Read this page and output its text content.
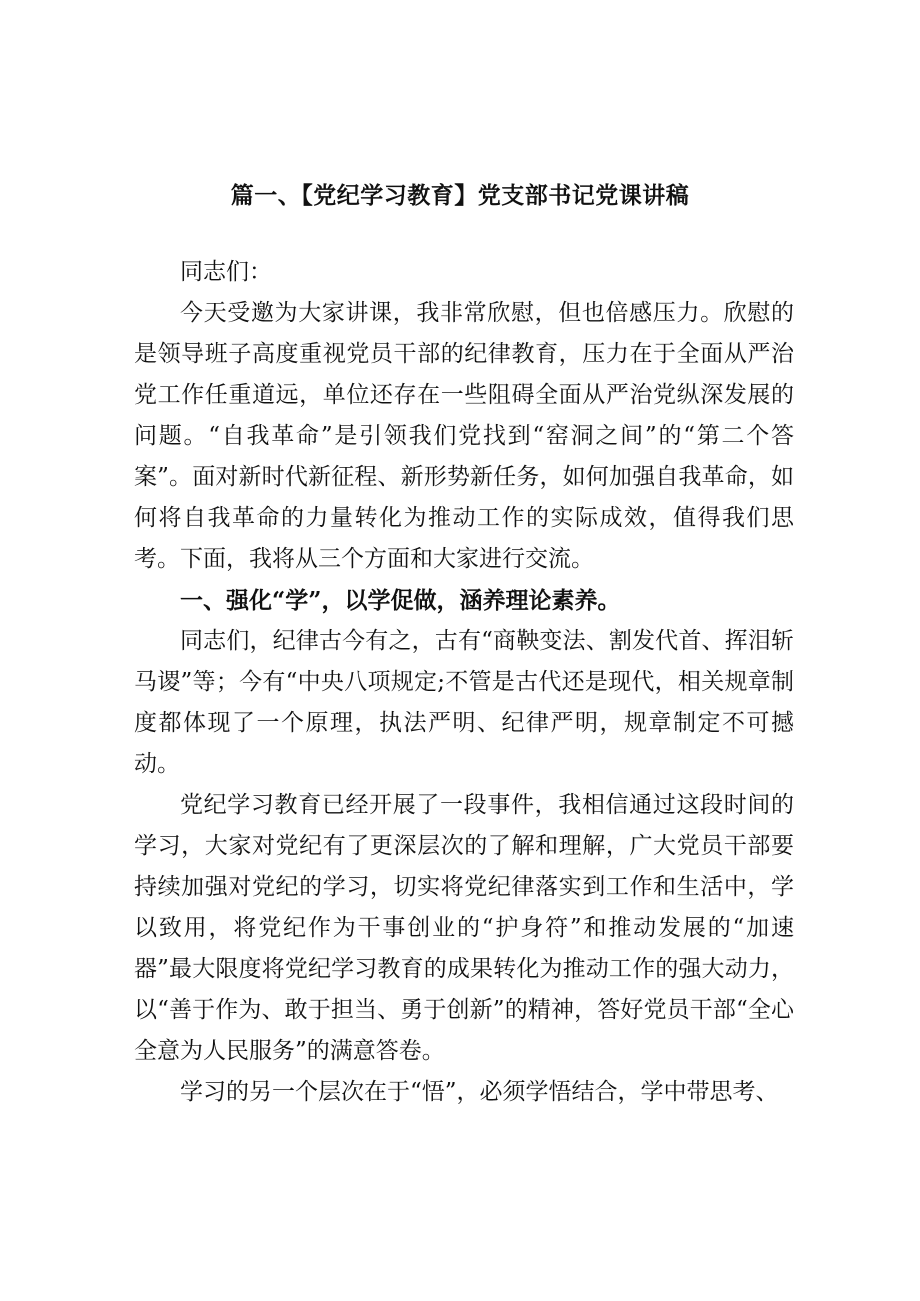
篇一、【党纪学习教育】党支部书记党课讲稿

同志们：

今天受邀为大家讲课，我非常欣慰，但也倍感压力。欣慰的是领导班子高度重视党员干部的纪律教育，压力在于全面从严治党工作任重道远，单位还存在一些阻碍全面从严治党纵深发展的问题。“自我革命”是引领我们党找到“窑洞之间”的“第二个答案”。面对新时代新征程、新形势新任务，如何加强自我革命，如何将自我革命的力量转化为推动工作的实际成效，值得我们思考。下面，我将从三个方面和大家进行交流。

一、强化“学”，以学促做，涵养理论素养。

同志们，纪律古今有之，古有“商鞅变法、割发代首、挥泪斩马谡”等；今有“中央八项规定;不管是古代还是现代，相关规章制度都体现了一个原理，执法严明、纪律严明，规章制定不可撼动。

党纪学习教育已经开展了一段事件，我相信通过这段时间的学习，大家对党纪有了更深层次的了解和理解，广大党员干部要持续加强对党纪的学习，切实将党纪律落实到工作和生活中，学以致用，将党纪作为干事创业的“护身符”和推动发展的“加速器”最大限度将党纪学习教育的成果转化为推动工作的强大动力，以“善于作为、敢于担当、勇于创新”的精神，答好党员干部“全心全意为人民服务”的满意答卷。

学习的另一个层次在于“悟”，必须学悟结合，学中带思考、
